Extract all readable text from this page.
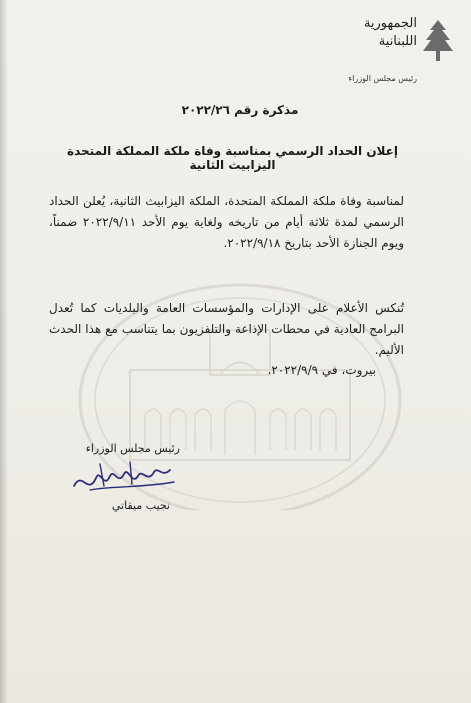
الجمهورية
اللبنانية
رئيس مجلس الوزراء
مذكرة رقم ٢٠٢٢/٢٦
إعلان الحداد الرسمي بمناسبة وفاة ملكة المملكة المتحدة اليزابيث الثانية
لمناسبة وفاة ملكة المملكة المتحدة، الملكة اليزابيث الثانية، يُعلن الحداد الرسمي لمدة ثلاثة أيام من تاريخه ولغاية يوم الأحد ٢٠٢٢/٩/١١ ضمناً، ويوم الجنازة الأحد بتاريخ ٢٠٢٢/٩/١٨.
تُنكس الأعلام على الإدارات والمؤسسات العامة والبلديات كما تُعدل البرامج العادية في محطات الإذاعة والتلفزيون بما يتناسب مع هذا الحدث الأليم.
بيروت، في ٢٠٢٢/٩/٩.
رئيس مجلس الوزراء
نجيب ميقاتي
